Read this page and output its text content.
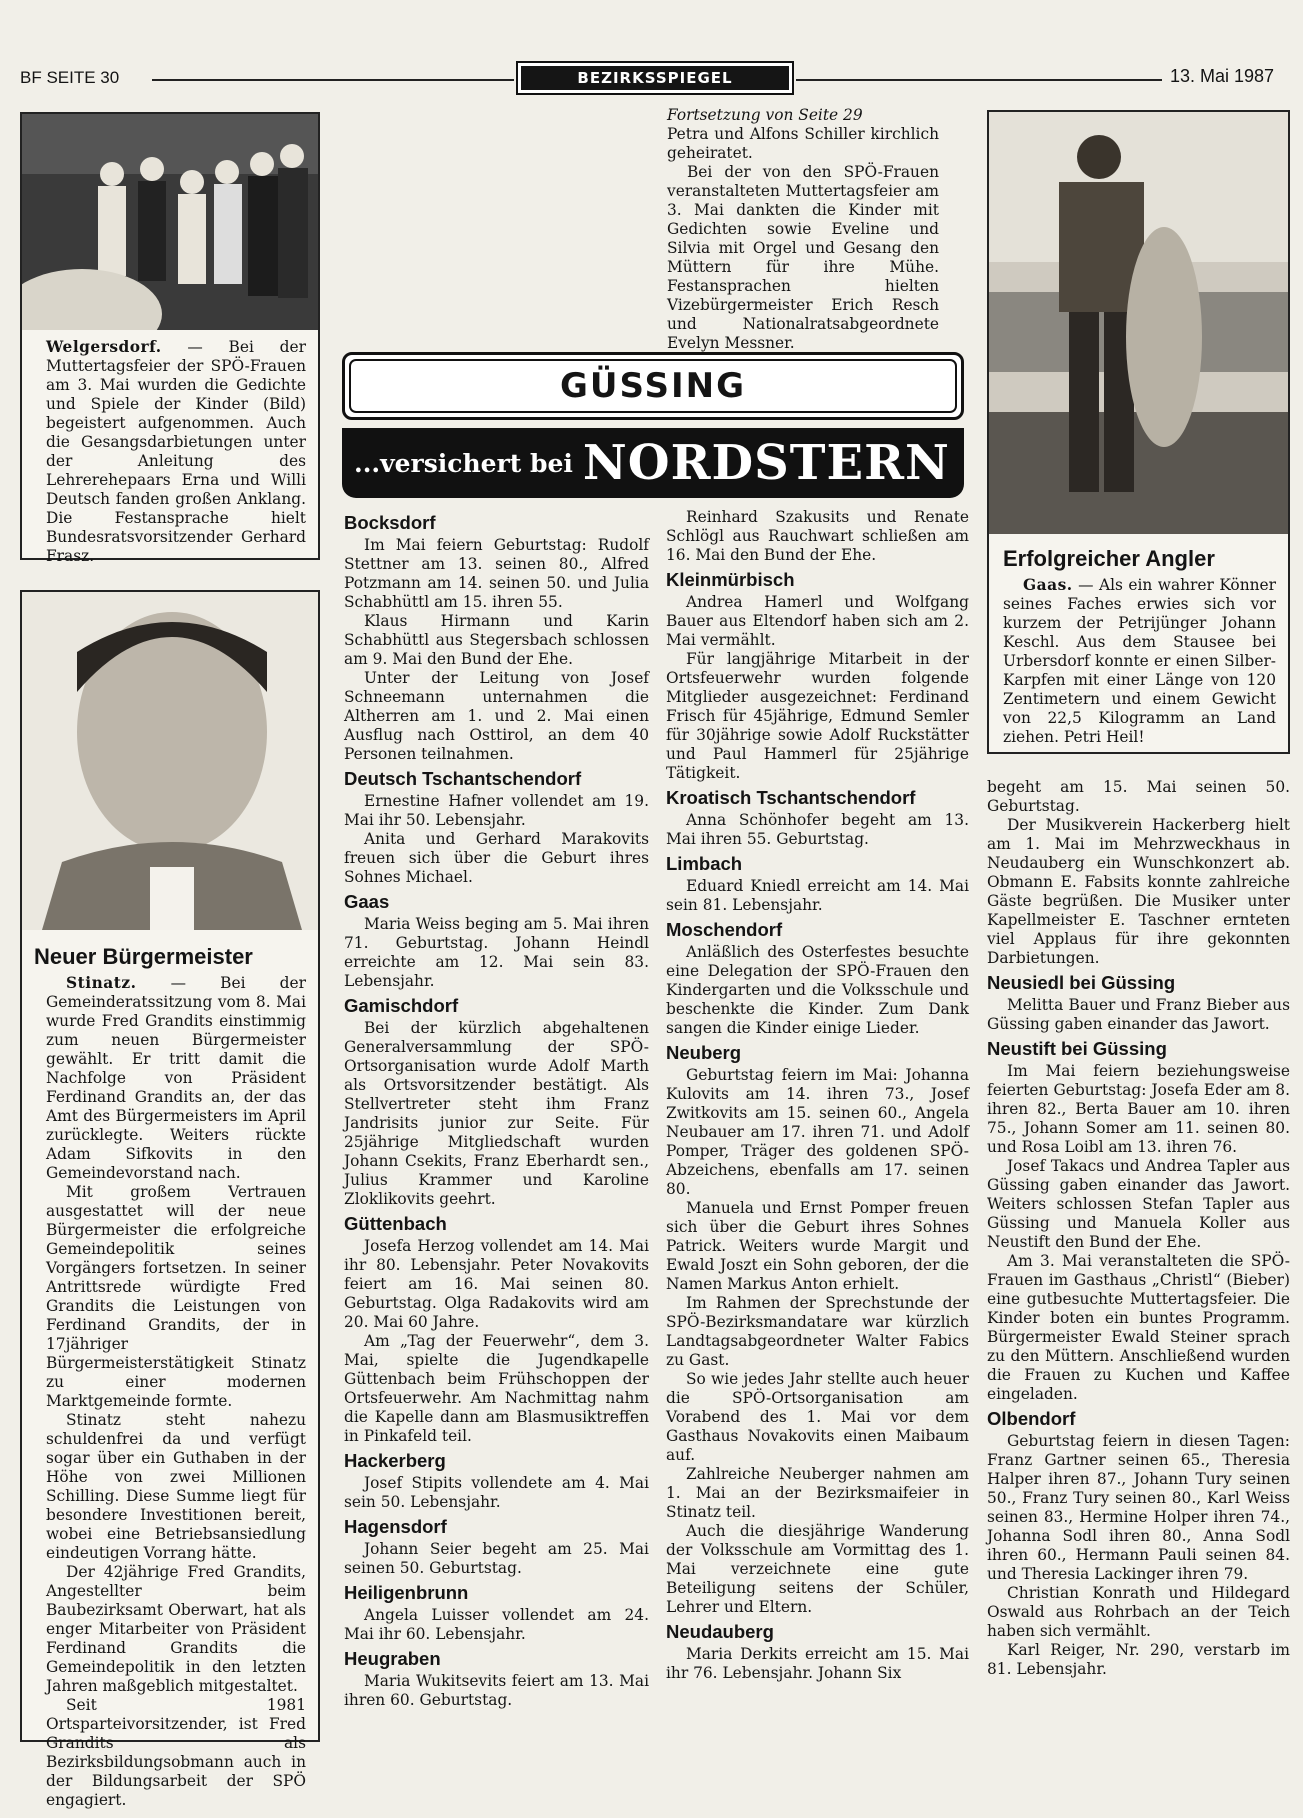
BF SEITE 30	BEZIRKSSPIEGEL	13. Mai 1987

Welgersdorf. — Bei der Muttertagsfeier der SPÖ-Frauen am 3. Mai wurden die Gedichte und Spiele der Kinder (Bild) begeistert aufgenommen. Auch die Gesangsdarbietungen unter der Anleitung des Lehrerehepaars Erna und Willi Deutsch fanden großen Anklang. Die Festansprache hielt Bundesratsvorsitzender Gerhard Frasz.

Fortsetzung von Seite 29

Petra und Alfons Schiller kirchlich geheiratet.

Bei der von den SPÖ-Frauen veranstalteten Muttertagsfeier am 3. Mai dankten die Kinder mit Gedichten sowie Eveline und Silvia mit Orgel und Gesang den Müttern für ihre Mühe. Festansprachen hielten Vizebürgermeister Erich Resch und Nationalratsabgeordnete Evelyn Messner.

GÜSSING
...versichert bei NORDSTERN
Erfolgreicher Angler

Gaas. — Als ein wahrer Könner seines Faches erwies sich vor kurzem der Petrijünger Johann Keschl. Aus dem Stausee bei Urbersdorf konnte er einen Silber-Karpfen mit einer Länge von 120 Zentimetern und einem Gewicht von 22,5 Kilogramm an Land ziehen. Petri Heil!

Neuer Bürgermeister

Stinatz. — Bei der Gemeinderatssitzung vom 8. Mai wurde Fred Grandits einstimmig zum neuen Bürgermeister gewählt. Er tritt damit die Nachfolge von Präsident Ferdinand Grandits an, der das Amt des Bürgermeisters im April zurücklegte. Weiters rückte Adam Sifkovits in den Gemeindevorstand nach.

Mit großem Vertrauen ausgestattet will der neue Bürgermeister die erfolgreiche Gemeindepolitik seines Vorgängers fortsetzen. In seiner Antrittsrede würdigte Fred Grandits die Leistungen von Ferdinand Grandits, der in 17jähriger Bürgermeisterstätigkeit Stinatz zu einer modernen Marktgemeinde formte.

Stinatz steht nahezu schuldenfrei da und verfügt sogar über ein Guthaben in der Höhe von zwei Millionen Schilling. Diese Summe liegt für besondere Investitionen bereit, wobei eine Betriebsansiedlung eindeutigen Vorrang hätte.

Der 42jährige Fred Grandits, Angestellter beim Baubezirksamt Oberwart, hat als enger Mitarbeiter von Präsident Ferdinand Grandits die Gemeindepolitik in den letzten Jahren maßgeblich mitgestaltet.

Seit 1981 Ortsparteivorsitzender, ist Fred Grandits als Bezirksbildungsobmann auch in der Bildungsarbeit der SPÖ engagiert.

Bocksdorf

Im Mai feiern Geburtstag: Rudolf Stettner am 13. seinen 80., Alfred Potzmann am 14. seinen 50. und Julia Schabhüttl am 15. ihren 55.

Klaus Hirmann und Karin Schabhüttl aus Stegersbach schlossen am 9. Mai den Bund der Ehe.

Unter der Leitung von Josef Schneemann unternahmen die Altherren am 1. und 2. Mai einen Ausflug nach Osttirol, an dem 40 Personen teilnahmen.

Deutsch Tschantschendorf

Ernestine Hafner vollendet am 19. Mai ihr 50. Lebensjahr.

Anita und Gerhard Marakovits freuen sich über die Geburt ihres Sohnes Michael.

Gaas

Maria Weiss beging am 5. Mai ihren 71. Geburtstag. Johann Heindl erreichte am 12. Mai sein 83. Lebensjahr.

Gamischdorf

Bei der kürzlich abgehaltenen Generalversammlung der SPÖ-Ortsorganisation wurde Adolf Marth als Ortsvorsitzender bestätigt. Als Stellvertreter steht ihm Franz Jandrisits junior zur Seite. Für 25jährige Mitgliedschaft wurden Johann Csekits, Franz Eberhardt sen., Julius Krammer und Karoline Zloklikovits geehrt.

Güttenbach

Josefa Herzog vollendet am 14. Mai ihr 80. Lebensjahr. Peter Novakovits feiert am 16. Mai seinen 80. Geburtstag. Olga Radakovits wird am 20. Mai 60 Jahre.

Am „Tag der Feuerwehr“, dem 3. Mai, spielte die Jugendkapelle Güttenbach beim Frühschoppen der Ortsfeuerwehr. Am Nachmittag nahm die Kapelle dann am Blasmusiktreffen in Pinkafeld teil.

Hackerberg

Josef Stipits vollendete am 4. Mai sein 50. Lebensjahr.

Hagensdorf

Johann Seier begeht am 25. Mai seinen 50. Geburtstag.

Heiligenbrunn

Angela Luisser vollendet am 24. Mai ihr 60. Lebensjahr.

Heugraben

Maria Wukitsevits feiert am 13. Mai ihren 60. Geburtstag.

Reinhard Szakusits und Renate Schlögl aus Rauchwart schließen am 16. Mai den Bund der Ehe.

Kleinmürbisch

Andrea Hamerl und Wolfgang Bauer aus Eltendorf haben sich am 2. Mai vermählt.

Für langjährige Mitarbeit in der Ortsfeuerwehr wurden folgende Mitglieder ausgezeichnet: Ferdinand Frisch für 45jährige, Edmund Semler für 30jährige sowie Adolf Ruckstätter und Paul Hammerl für 25jährige Tätigkeit.

Kroatisch Tschantschendorf

Anna Schönhofer begeht am 13. Mai ihren 55. Geburtstag.

Limbach

Eduard Kniedl erreicht am 14. Mai sein 81. Lebensjahr.

Moschendorf

Anläßlich des Osterfestes besuchte eine Delegation der SPÖ-Frauen den Kindergarten und die Volksschule und beschenkte die Kinder. Zum Dank sangen die Kinder einige Lieder.

Neuberg

Geburtstag feiern im Mai: Johanna Kulovits am 14. ihren 73., Josef Zwitkovits am 15. seinen 60., Angela Neubauer am 17. ihren 71. und Adolf Pomper, Träger des goldenen SPÖ-Abzeichens, ebenfalls am 17. seinen 80.

Manuela und Ernst Pomper freuen sich über die Geburt ihres Sohnes Patrick. Weiters wurde Margit und Ewald Joszt ein Sohn geboren, der die Namen Markus Anton erhielt.

Im Rahmen der Sprechstunde der SPÖ-Bezirksmandatare war kürzlich Landtagsabgeordneter Walter Fabics zu Gast.

So wie jedes Jahr stellte auch heuer die SPÖ-Ortsorganisation am Vorabend des 1. Mai vor dem Gasthaus Novakovits einen Maibaum auf.

Zahlreiche Neuberger nahmen am 1. Mai an der Bezirksmaifeier in Stinatz teil.

Auch die diesjährige Wanderung der Volksschule am Vormittag des 1. Mai verzeichnete eine gute Beteiligung seitens der Schüler, Lehrer und Eltern.

Neudauberg

Maria Derkits erreicht am 15. Mai ihr 76. Lebensjahr. Johann Six

begeht am 15. Mai seinen 50. Geburtstag.

Der Musikverein Hackerberg hielt am 1. Mai im Mehrzweckhaus in Neudauberg ein Wunschkonzert ab. Obmann E. Fabsits konnte zahlreiche Gäste begrüßen. Die Musiker unter Kapellmeister E. Taschner ernteten viel Applaus für ihre gekonnten Darbietungen.

Neusiedl bei Güssing

Melitta Bauer und Franz Bieber aus Güssing gaben einander das Jawort.

Neustift bei Güssing

Im Mai feiern beziehungsweise feierten Geburtstag: Josefa Eder am 8. ihren 82., Berta Bauer am 10. ihren 75., Johann Somer am 11. seinen 80. und Rosa Loibl am 13. ihren 76.

Josef Takacs und Andrea Tapler aus Güssing gaben einander das Jawort. Weiters schlossen Stefan Tapler aus Güssing und Manuela Koller aus Neustift den Bund der Ehe.

Am 3. Mai veranstalteten die SPÖ-Frauen im Gasthaus „Christl“ (Bieber) eine gutbesuchte Muttertagsfeier. Die Kinder boten ein buntes Programm. Bürgermeister Ewald Steiner sprach zu den Müttern. Anschließend wurden die Frauen zu Kuchen und Kaffee eingeladen.

Olbendorf

Geburtstag feiern in diesen Tagen: Franz Gartner seinen 65., Theresia Halper ihren 87., Johann Tury seinen 50., Franz Tury seinen 80., Karl Weiss seinen 83., Hermine Holper ihren 74., Johanna Sodl ihren 80., Anna Sodl ihren 60., Hermann Pauli seinen 84. und Theresia Lackinger ihren 79.

Christian Konrath und Hildegard Oswald aus Rohrbach an der Teich haben sich vermählt.

Karl Reiger, Nr. 290, verstarb im 81. Lebensjahr.
